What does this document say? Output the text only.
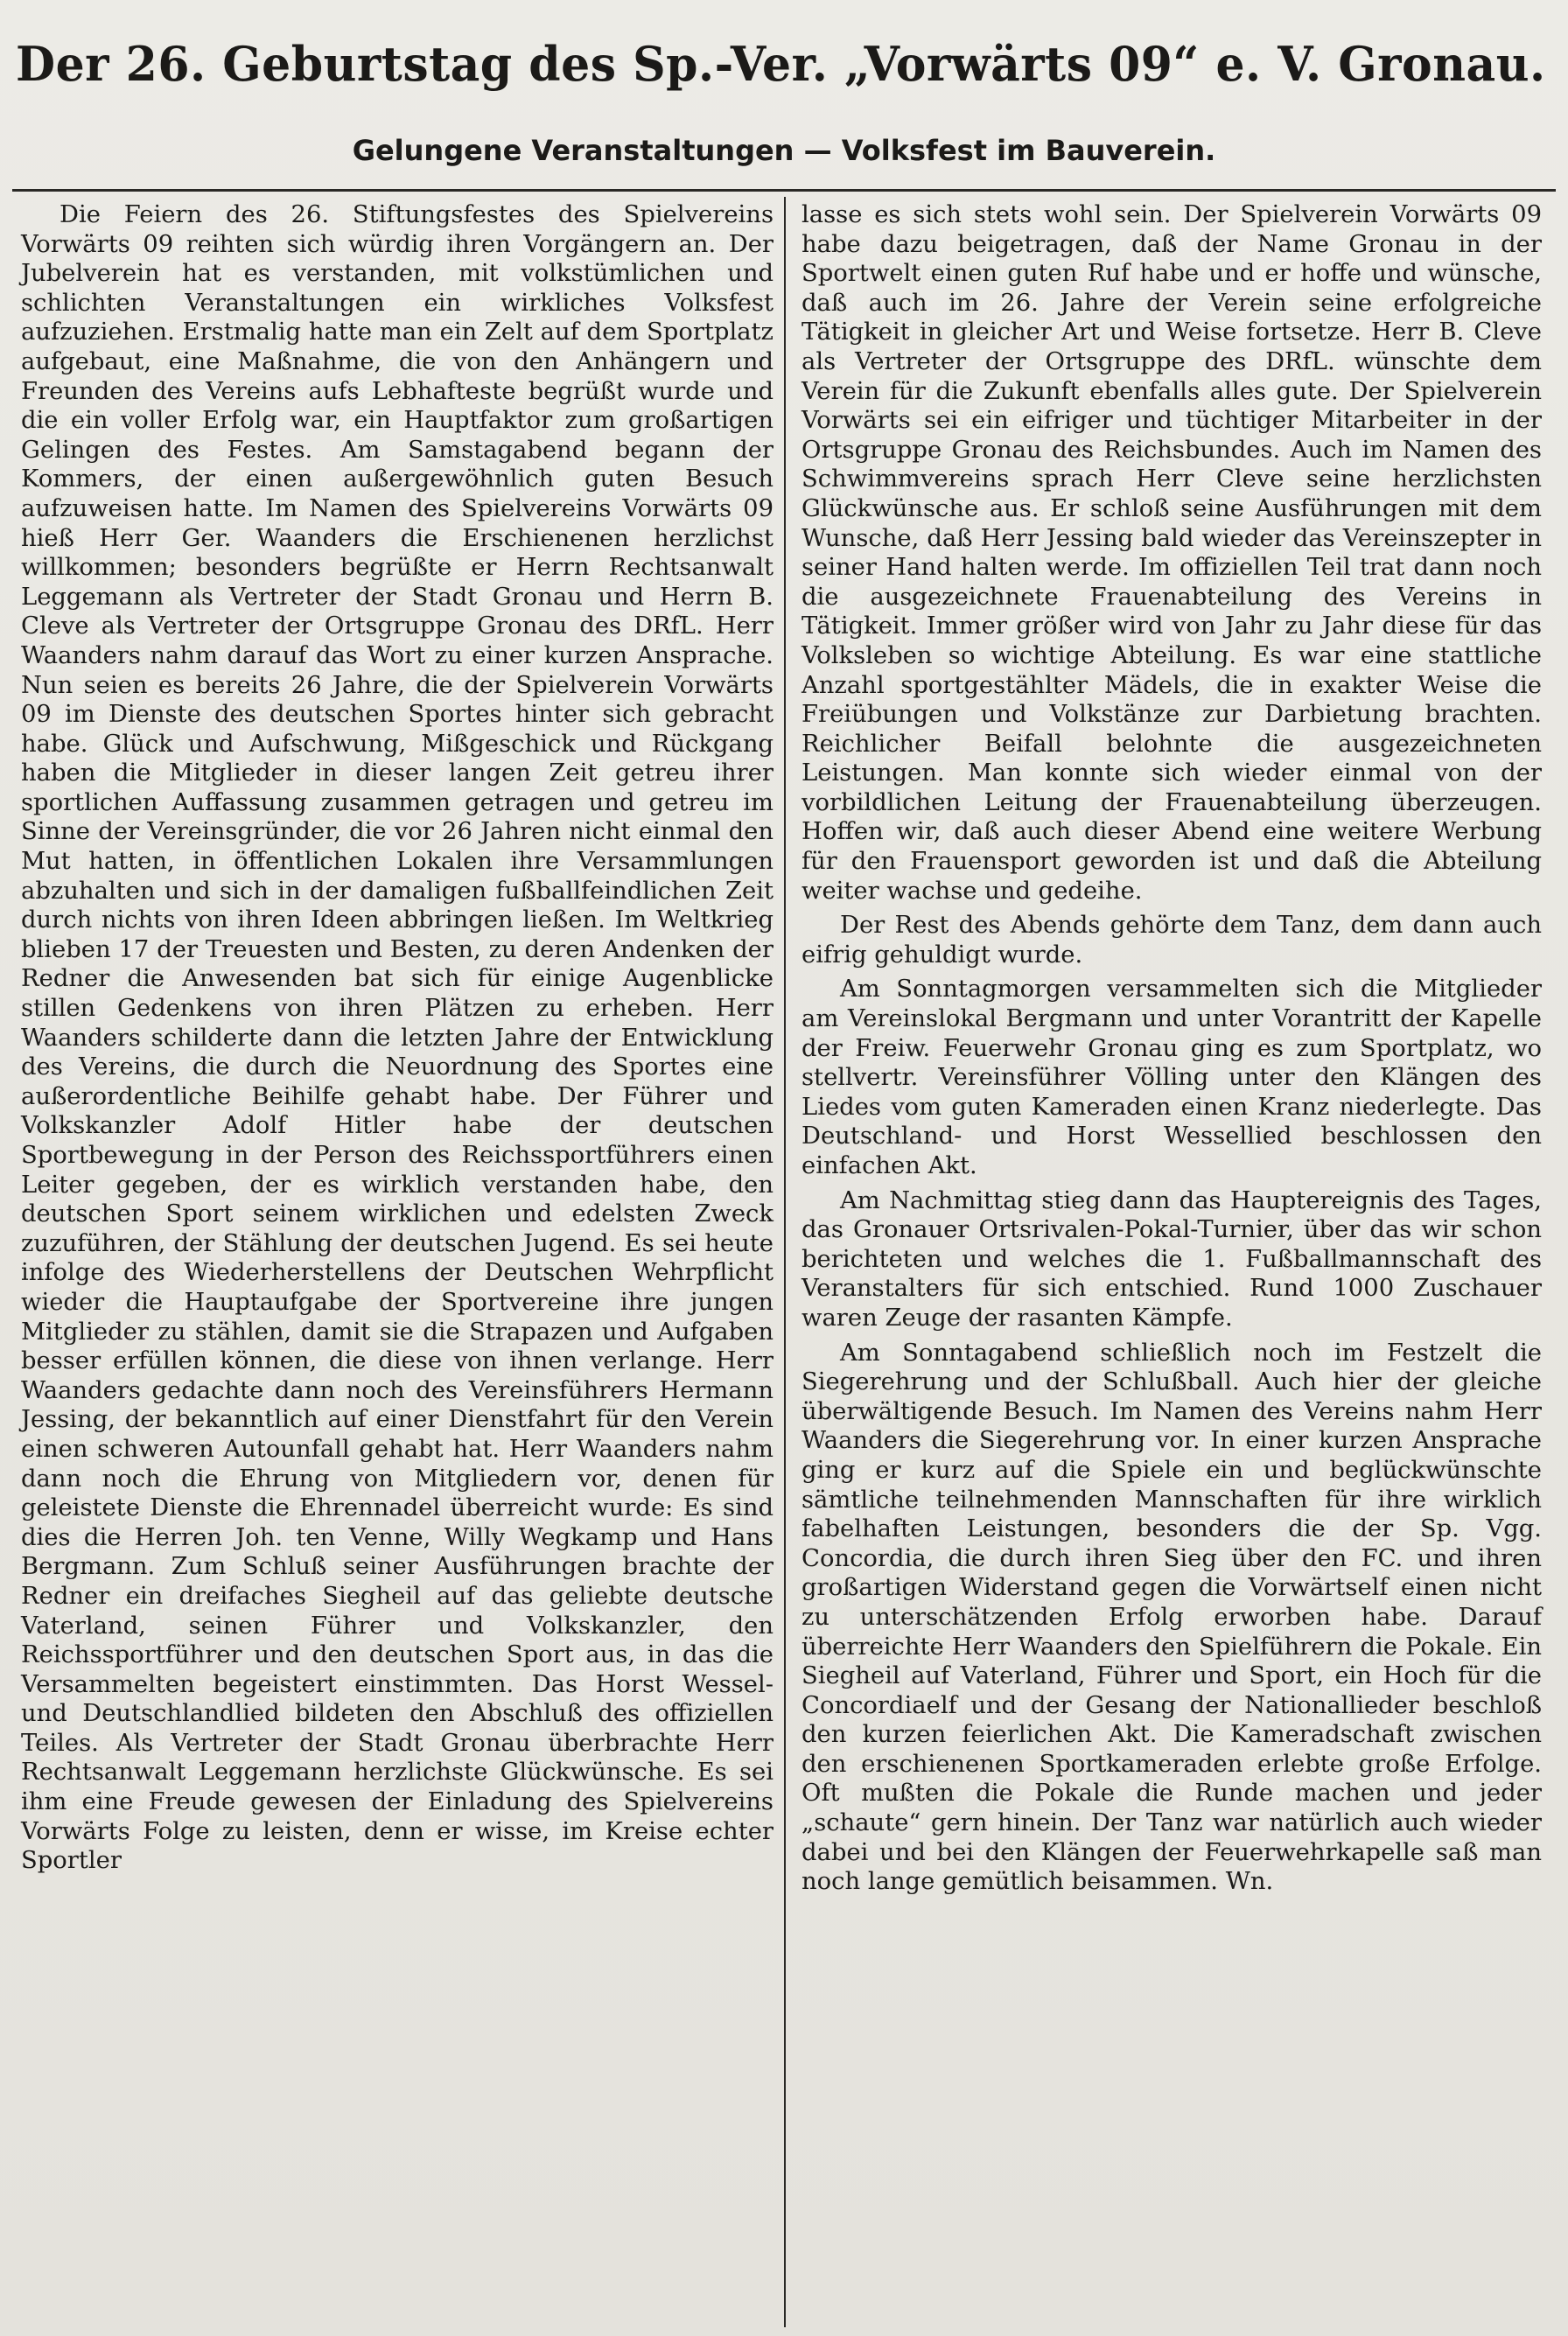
Der 26. Geburtstag des Sp.-Ver. „Vorwärts 09“ e. V. Gronau.
Gelungene Veranstaltungen — Volksfest im Bauverein.

Die Feiern des 26. Stiftungsfestes des Spielvereins Vorwärts 09 reihten sich würdig ihren Vorgängern an. Der Jubelverein hat es verstanden, mit volkstümlichen und schlichten Veranstaltungen ein wirkliches Volksfest aufzuziehen. Erstmalig hatte man ein Zelt auf dem Sportplatz aufgebaut, eine Maßnahme, die von den Anhängern und Freunden des Vereins aufs Lebhafteste begrüßt wurde und die ein voller Erfolg war, ein Hauptfaktor zum großartigen Gelingen des Festes. Am Samstagabend begann der Kommers, der einen außergewöhnlich guten Besuch aufzuweisen hatte. Im Namen des Spielvereins Vorwärts 09 hieß Herr Ger. Waanders die Erschienenen herzlichst willkommen; besonders begrüßte er Herrn Rechtsanwalt Leggemann als Vertreter der Stadt Gronau und Herrn B. Cleve als Vertreter der Ortsgruppe Gronau des DRfL. Herr Waanders nahm darauf das Wort zu einer kurzen Ansprache. Nun seien es bereits 26 Jahre, die der Spielverein Vorwärts 09 im Dienste des deutschen Sportes hinter sich gebracht habe. Glück und Aufschwung, Mißgeschick und Rückgang haben die Mitglieder in dieser langen Zeit getreu ihrer sportlichen Auffassung zusammen getragen und getreu im Sinne der Vereinsgründer, die vor 26 Jahren nicht einmal den Mut hatten, in öffentlichen Lokalen ihre Versammlungen abzuhalten und sich in der damaligen fußballfeindlichen Zeit durch nichts von ihren Ideen abbringen ließen. Im Weltkrieg blieben 17 der Treuesten und Besten, zu deren Andenken der Redner die Anwesenden bat sich für einige Augenblicke stillen Gedenkens von ihren Plätzen zu erheben. Herr Waanders schilderte dann die letzten Jahre der Entwicklung des Vereins, die durch die Neuordnung des Sportes eine außerordentliche Beihilfe gehabt habe. Der Führer und Volkskanzler Adolf Hitler habe der deutschen Sportbewegung in der Person des Reichssportführers einen Leiter gegeben, der es wirklich verstanden habe, den deutschen Sport seinem wirklichen und edelsten Zweck zuzuführen, der Stählung der deutschen Jugend. Es sei heute infolge des Wiederherstellens der Deutschen Wehrpflicht wieder die Hauptaufgabe der Sportvereine ihre jungen Mitglieder zu stählen, damit sie die Strapazen und Aufgaben besser erfüllen können, die diese von ihnen verlange. Herr Waanders gedachte dann noch des Vereinsführers Hermann Jessing, der bekanntlich auf einer Dienstfahrt für den Verein einen schweren Autounfall gehabt hat. Herr Waanders nahm dann noch die Ehrung von Mitgliedern vor, denen für geleistete Dienste die Ehrennadel überreicht wurde: Es sind dies die Herren Joh. ten Venne, Willy Wegkamp und Hans Bergmann. Zum Schluß seiner Ausführungen brachte der Redner ein dreifaches Siegheil auf das geliebte deutsche Vaterland, seinen Führer und Volkskanzler, den Reichssportführer und den deutschen Sport aus, in das die Versammelten begeistert einstimmten. Das Horst Wessel- und Deutschlandlied bildeten den Abschluß des offiziellen Teiles. Als Vertreter der Stadt Gronau überbrachte Herr Rechtsanwalt Leggemann herzlichste Glückwünsche. Es sei ihm eine Freude gewesen der Einladung des Spielvereins Vorwärts Folge zu leisten, denn er wisse, im Kreise echter Sportler

lasse es sich stets wohl sein. Der Spielverein Vorwärts 09 habe dazu beigetragen, daß der Name Gronau in der Sportwelt einen guten Ruf habe und er hoffe und wünsche, daß auch im 26. Jahre der Verein seine erfolgreiche Tätigkeit in gleicher Art und Weise fortsetze. Herr B. Cleve als Vertreter der Ortsgruppe des DRfL. wünschte dem Verein für die Zukunft ebenfalls alles gute. Der Spielverein Vorwärts sei ein eifriger und tüchtiger Mitarbeiter in der Ortsgruppe Gronau des Reichsbundes. Auch im Namen des Schwimmvereins sprach Herr Cleve seine herzlichsten Glückwünsche aus. Er schloß seine Ausführungen mit dem Wunsche, daß Herr Jessing bald wieder das Vereinszepter in seiner Hand halten werde. Im offiziellen Teil trat dann noch die ausgezeichnete Frauenabteilung des Vereins in Tätigkeit. Immer größer wird von Jahr zu Jahr diese für das Volksleben so wichtige Abteilung. Es war eine stattliche Anzahl sportgestählter Mädels, die in exakter Weise die Freiübungen und Volkstänze zur Darbietung brachten. Reichlicher Beifall belohnte die ausgezeichneten Leistungen. Man konnte sich wieder einmal von der vorbildlichen Leitung der Frauenabteilung überzeugen. Hoffen wir, daß auch dieser Abend eine weitere Werbung für den Frauensport geworden ist und daß die Abteilung weiter wachse und gedeihe.

Der Rest des Abends gehörte dem Tanz, dem dann auch eifrig gehuldigt wurde.

Am Sonntagmorgen versammelten sich die Mitglieder am Vereinslokal Bergmann und unter Vorantritt der Kapelle der Freiw. Feuerwehr Gronau ging es zum Sportplatz, wo stellvertr. Vereinsführer Völling unter den Klängen des Liedes vom guten Kameraden einen Kranz niederlegte. Das Deutschland- und Horst Wessellied beschlossen den einfachen Akt.

Am Nachmittag stieg dann das Hauptereignis des Tages, das Gronauer Ortsrivalen-Pokal-Turnier, über das wir schon berichteten und welches die 1. Fußballmannschaft des Veranstalters für sich entschied. Rund 1000 Zuschauer waren Zeuge der rasanten Kämpfe.

Am Sonntagabend schließlich noch im Festzelt die Siegerehrung und der Schlußball. Auch hier der gleiche überwältigende Besuch. Im Namen des Vereins nahm Herr Waanders die Siegerehrung vor. In einer kurzen Ansprache ging er kurz auf die Spiele ein und beglückwünschte sämtliche teilnehmenden Mannschaften für ihre wirklich fabelhaften Leistungen, besonders die der Sp. Vgg. Concordia, die durch ihren Sieg über den FC. und ihren großartigen Widerstand gegen die Vorwärtself einen nicht zu unterschätzenden Erfolg erworben habe. Darauf überreichte Herr Waanders den Spielführern die Pokale. Ein Siegheil auf Vaterland, Führer und Sport, ein Hoch für die Concordiaelf und der Gesang der Nationallieder beschloß den kurzen feierlichen Akt. Die Kameradschaft zwischen den erschienenen Sportkameraden erlebte große Erfolge. Oft mußten die Pokale die Runde machen und jeder „schaute“ gern hinein. Der Tanz war natürlich auch wieder dabei und bei den Klängen der Feuerwehrkapelle saß man noch lange gemütlich beisammen. Wn.
